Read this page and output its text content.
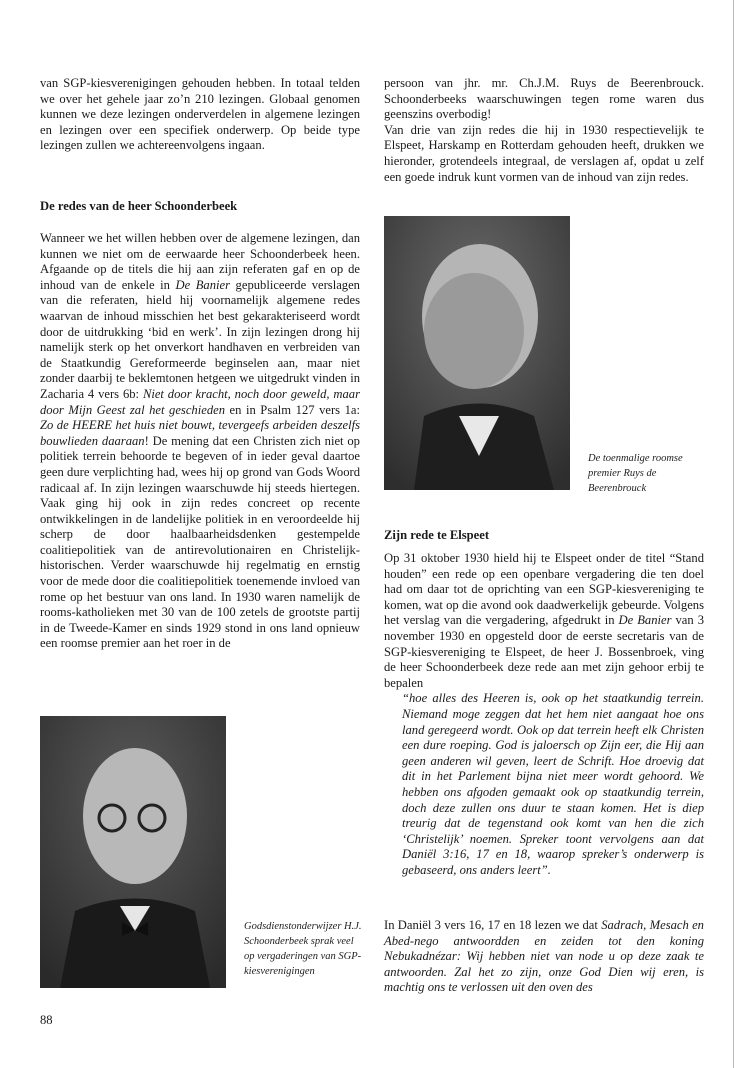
van SGP-kiesverenigingen gehouden hebben. In totaal telden we over het gehele jaar zo’n 210 lezingen. Globaal genomen kunnen we deze lezingen onderverdelen in algemene lezingen en lezingen over een specifiek onderwerp. Op beide type lezingen zullen we achtereenvolgens ingaan.

De redes van de heer Schoonderbeek

Wanneer we het willen hebben over de algemene lezingen, dan kunnen we niet om de eerwaarde heer Schoonderbeek heen. Afgaande op de titels die hij aan zijn referaten gaf en op de inhoud van de enkele in De Banier gepubliceerde verslagen van die referaten, hield hij voornamelijk algemene redes waarvan de inhoud misschien het best gekarakteriseerd wordt door de uitdrukking ‘bid en werk’. In zijn lezingen drong hij namelijk sterk op het onverkort handhaven en verbreiden van de Staatkundig Gereformeerde beginselen aan, maar niet zonder daarbij te beklemtonen hetgeen we uitgedrukt vinden in Zacharia 4 vers 6b: Niet door kracht, noch door geweld, maar door Mijn Geest zal het geschieden en in Psalm 127 vers 1a: Zo de HEERE het huis niet bouwt, tevergeefs arbeiden deszelfs bouwlieden daaraan! De mening dat een Christen zich niet op politiek terrein behoorde te begeven of in ieder geval daartoe geen dure verplichting had, wees hij op grond van Gods Woord radicaal af. In zijn lezingen waarschuwde hij steeds hiertegen. Vaak ging hij ook in zijn redes concreet op recente ontwikkelingen in de landelijke politiek in en veroordeelde hij scherp de door haalbaarheidsdenken gestempelde coalitiepolitiek van de antirevolutionairen en Christelijk-historischen. Verder waarschuwde hij regelmatig en ernstig voor de mede door die coalitiepolitiek toenemende invloed van rome op het bestuur van ons land. In 1930 waren namelijk de rooms-katholieken met 30 van de 100 zetels de grootste partij in de Tweede-Kamer en sinds 1929 stond in ons land opnieuw een roomse premier aan het roer in de

persoon van jhr. mr. Ch.J.M. Ruys de Beerenbrouck. Schoonderbeeks waarschuwingen tegen rome waren dus geenszins overbodig!
Van drie van zijn redes die hij in 1930 respectievelijk te Elspeet, Harskamp en Rotterdam gehouden heeft, drukken we hieronder, grotendeels integraal, de verslagen af, opdat u zelf een goede indruk kunt vormen van de inhoud van zijn redes.

De toenmalige roomse premier Ruys de Beerenbrouck
Zijn rede te Elspeet

Op 31 oktober 1930 hield hij te Elspeet onder de titel “Stand houden” een rede op een openbare vergadering die ten doel had om daar tot de oprichting van een SGP-kiesvereniging te komen, wat op die avond ook daadwerkelijk gebeurde. Volgens het verslag van die vergadering, afgedrukt in De Banier van 3 november 1930 en opgesteld door de eerste secretaris van de SGP-kiesvereniging te Elspeet, de heer J. Bossenbroek, ving de heer Schoonderbeek deze rede aan met zijn gehoor erbij te bepalen

“hoe alles des Heeren is, ook op het staatkundig terrein. Niemand moge zeggen dat het hem niet aangaat hoe ons land geregeerd wordt. Ook op dat terrein heeft elk Christen een dure roeping. God is jaloersch op Zijn eer, die Hij aan geen anderen wil geven, leert de Schrift. Hoe droevig dat dit in het Parlement bijna niet meer wordt gehoord. We hebben ons afgoden gemaakt ook op staatkundig terrein, doch deze zullen ons duur te staan komen. Het is diep treurig dat de tegenstand ook komt van hen die zich ‘Christelijk’ noemen. Spreker toont vervolgens aan dat Daniël 3:16, 17 en 18, waarop spreker’s onderwerp is gebaseerd, ons anders leert”.

In Daniël 3 vers 16, 17 en 18 lezen we dat Sadrach, Mesach en Abed-nego antwoordden en zeiden tot den koning Nebukadnézar: Wij hebben niet van node u op deze zaak te antwoorden. Zal het zo zijn, onze God Dien wij eren, is machtig ons te verlossen uit den oven des

Godsdienstonderwijzer H.J. Schoonderbeek sprak veel op vergaderingen van SGP-kiesverenigingen
88
